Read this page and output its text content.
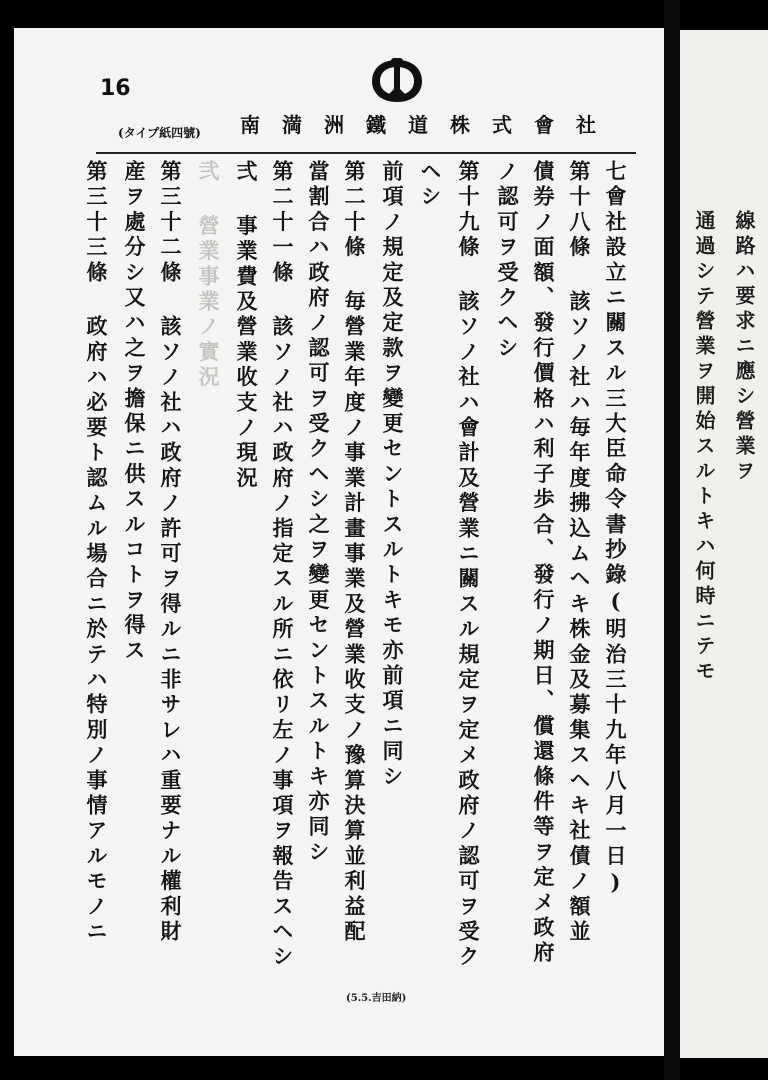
通過シテ營業ヲ開始スルトキハ何時ニテモ 線路ハ要求ニ應シ營業ヲ
16
南満洲鐵道株式會社
(タイプ紙四號)
七會社設立ニ關スル三大臣命令書抄錄(明治三十九年八月一日)
第十八條 該ソノ社ハ毎年度拂込ムヘキ株金及募集スヘキ社債ノ額並
債券ノ面額、發行價格ハ利子歩合、發行ノ期日、償還條件等ヲ定メ政府
ノ認可ヲ受クヘシ
第十九條 該ソノ社ハ會計及營業ニ關スル規定ヲ定メ政府ノ認可ヲ受ク
ヘシ
前項ノ規定及定款ヲ變更セントスルトキモ亦前項ニ同シ
第二十條 毎營業年度ノ事業計畫事業及營業收支ノ豫算決算並利益配
當割合ハ政府ノ認可ヲ受クヘシ之ヲ變更セントスルトキ亦同シ
第二十一條 該ソノ社ハ政府ノ指定スル所ニ依リ左ノ事項ヲ報告スヘシ
弍 事業費及營業收支ノ現況
弐 營業事業ノ實況
第三十二條 該ソノ社ハ政府ノ許可ヲ得ルニ非サレハ重要ナル權利財
産ヲ處分シ又ハ之ヲ擔保ニ供スルコトヲ得ス
第三十三條 政府ハ必要ト認ムル場合ニ於テハ特別ノ事情アルモノニ
(5.5.吉田納)
